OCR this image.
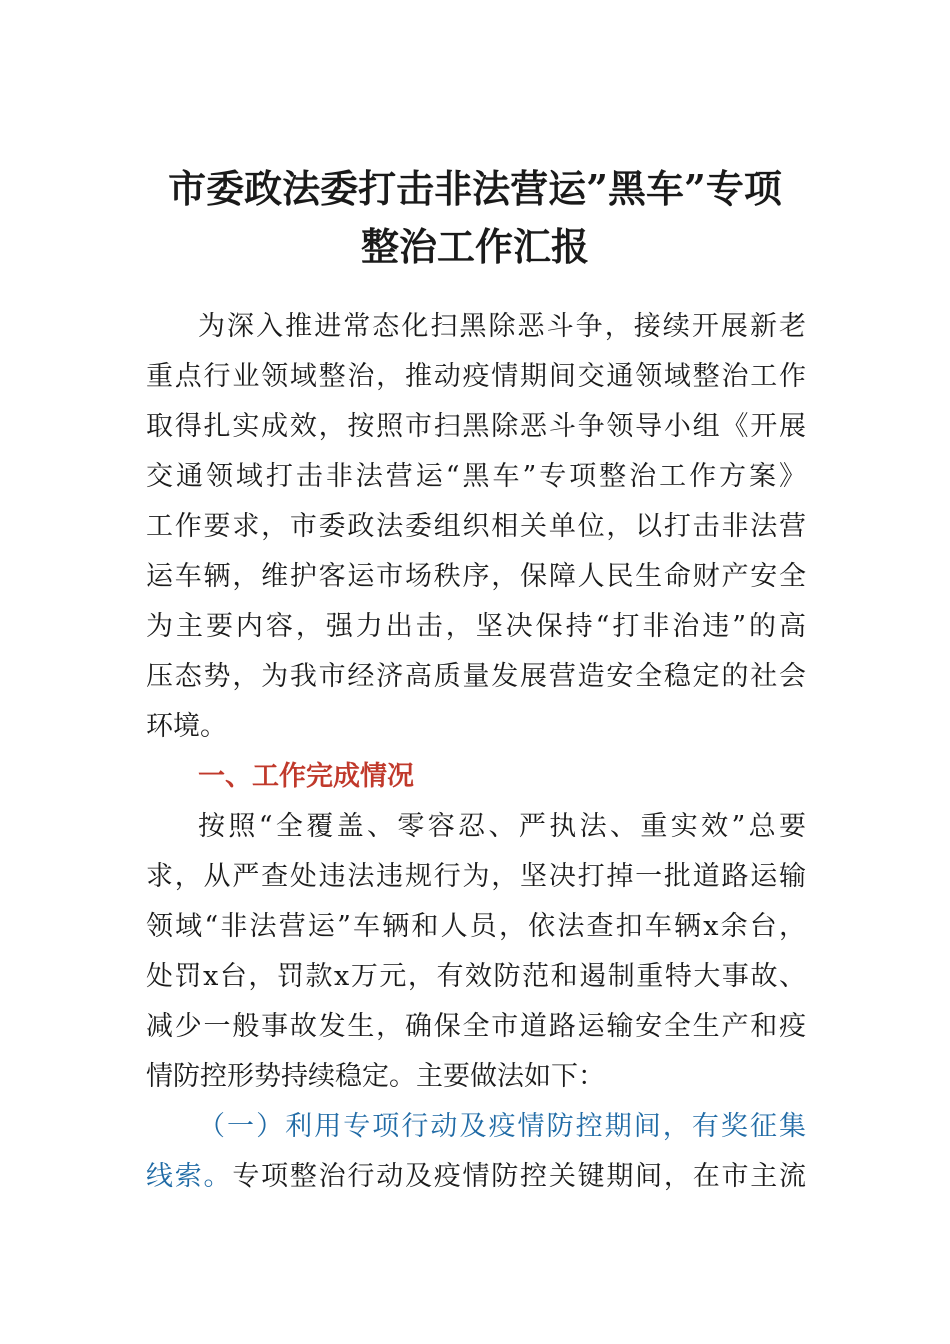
市委政法委打击非法营运”黑车”专项
整治工作汇报
为深入推进常态化扫黑除恶斗争，接续开展新老
重点行业领域整治，推动疫情期间交通领域整治工作
取得扎实成效，按照市扫黑除恶斗争领导小组《开展
交通领域打击非法营运“黑车”专项整治工作方案》
工作要求，市委政法委组织相关单位，以打击非法营
运车辆，维护客运市场秩序，保障人民生命财产安全
为主要内容，强力出击，坚决保持“打非治违”的高
压态势，为我市经济高质量发展营造安全稳定的社会
环境。
一、工作完成情况
按照“全覆盖、零容忍、严执法、重实效”总要
求，从严查处违法违规行为，坚决打掉一批道路运输
领域“非法营运”车辆和人员，依法查扣车辆x余台，
处罚x台，罚款x万元，有效防范和遏制重特大事故、
减少一般事故发生，确保全市道路运输安全生产和疫
情防控形势持续稳定。主要做法如下：
（一）利用专项行动及疫情防控期间，有奖征集
线索。专项整治行动及疫情防控关键期间，在市主流
